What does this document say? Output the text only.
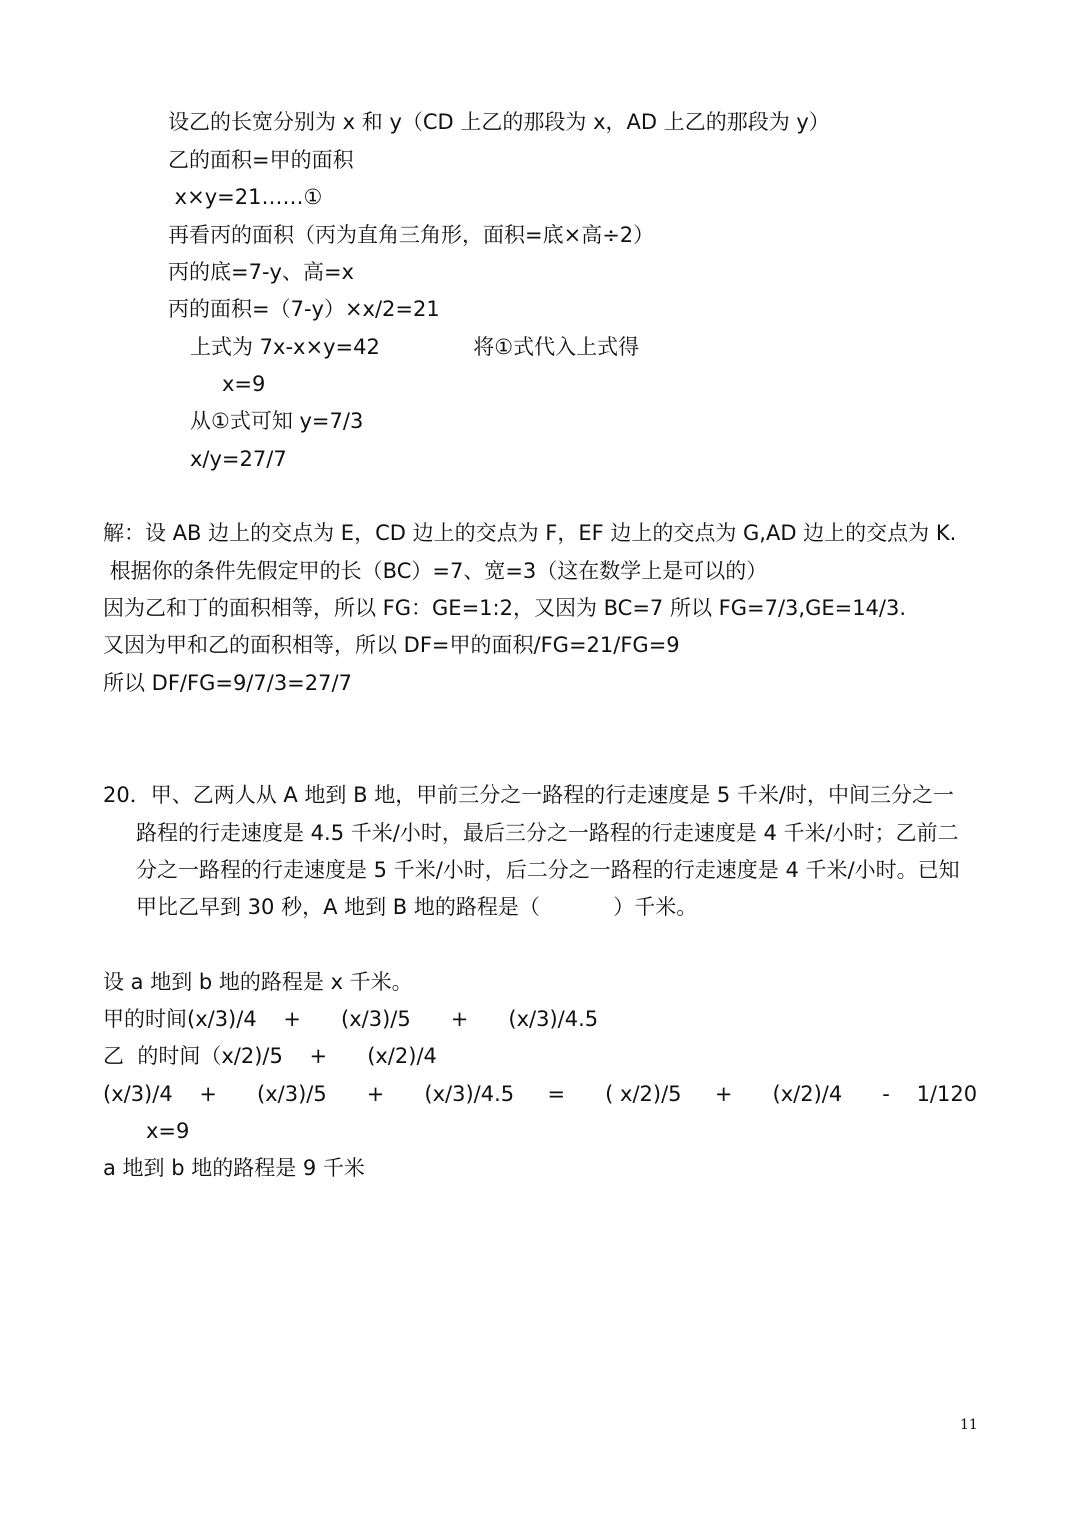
设乙的长宽分别为 x 和 y（CD 上乙的那段为 x，AD 上乙的那段为 y）

乙的面积=甲的面积

x×y=21……①

再看丙的面积（丙为直角三角形，面积=底×高÷2）

丙的底=7-y、高=x

丙的面积=（7-y）×x/2=21

上式为 7x-x×y=42              将①式代入上式得

x=9

从①式可知 y=7/3

x/y=27/7

解：设 AB 边上的交点为 E，CD 边上的交点为 F，EF 边上的交点为 G,AD 边上的交点为 K.

根据你的条件先假定甲的长（BC）=7、宽=3（这在数学上是可以的）

因为乙和丁的面积相等，所以 FG：GE=1:2，又因为 BC=7 所以 FG=7/3,GE=14/3.

又因为甲和乙的面积相等，所以 DF=甲的面积/FG=21/FG=9

所以 DF/FG=9/7/3=27/7

20．甲、乙两人从 A 地到 B 地，甲前三分之一路程的行走速度是 5 千米/时，中间三分之一

路程的行走速度是 4.5 千米/小时，最后三分之一路程的行走速度是 4 千米/小时；乙前二

分之一路程的行走速度是 5 千米/小时，后二分之一路程的行走速度是 4 千米/小时。已知

甲比乙早到 30 秒，A 地到 B 地的路程是（           ）千米。

设 a 地到 b 地的路程是 x 千米。

甲的时间(x/3)/4    +      (x/3)/5      +      (x/3)/4.5

乙  的时间（x/2)/5    +      (x/2)/4

(x/3)/4    +      (x/3)/5      +      (x/3)/4.5     =      ( x/2)/5     +      (x/2)/4      -    1/120

x=9

a 地到 b 地的路程是 9 千米

11
